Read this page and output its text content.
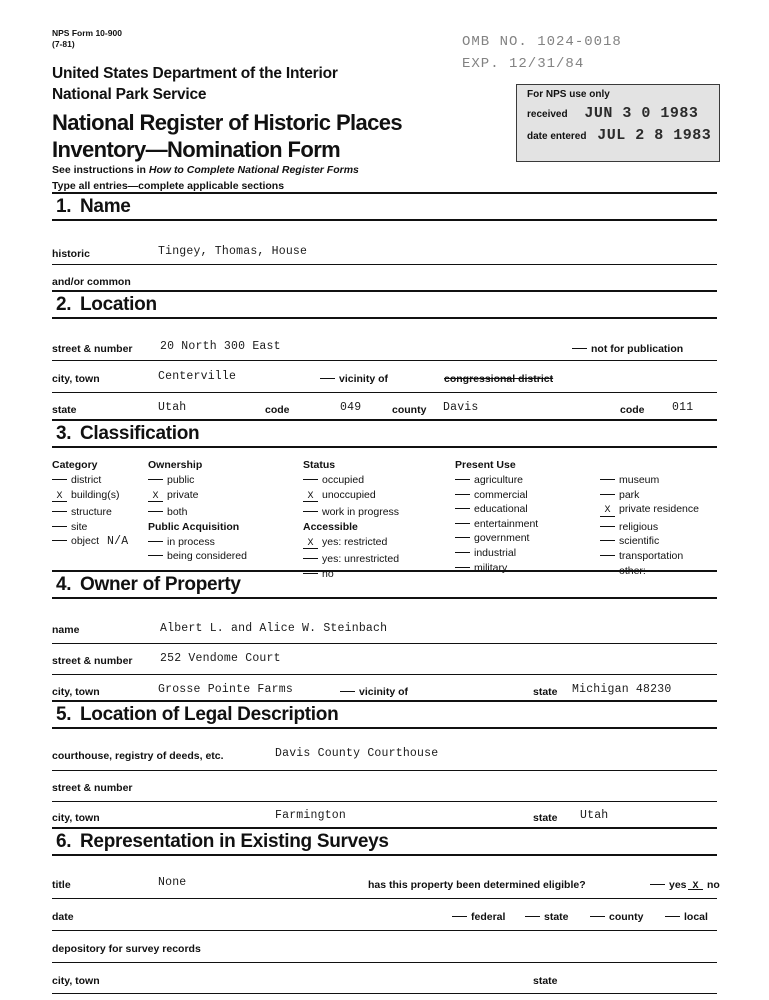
NPS Form 10-900
(7-81)
United States Department of the Interior
National Park Service
National Register of Historic Places
Inventory—Nomination Form
See instructions in How to Complete National Register Forms
Type all entries—complete applicable sections
OMB NO. 1024-0018
EXP. 12/31/84
For NPS use only
received JUN 3 0 1983
date entered JUL 2 8 1983
1. Name
historic	Tingey, Thomas, House
and/or common
2. Location
street & number 20 North 300 East	not for publication
city, town	Centerville	vicinity of	congressional district
state	Utah	code	049	county Davis	code 011
3. Classification
Category
district
X building(s)
structure
site
object N/A
Ownership
public
X private
both
Public Acquisition
in process
being considered
Status
occupied
X unoccupied
work in progress
Accessible
X yes: restricted
yes: unrestricted
no
Present Use
agriculture
commercial
educational
entertainment
government
industrial
military
museum
park
X private residence
religious
scientific
transportation
other:
4. Owner of Property
name	Albert L. and Alice W. Steinbach
street & number 252 Vendome Court
city, town	Grosse Pointe Farms	vicinity of	state Michigan 48230
5. Location of Legal Description
courthouse, registry of deeds, etc.	Davis County Courthouse
street & number
city, town	Farmington	state Utah
6. Representation in Existing Surveys
title	None	has this property been determined eligible?	yes X no
date	federal	state	county	local
depository for survey records
city, town	state
